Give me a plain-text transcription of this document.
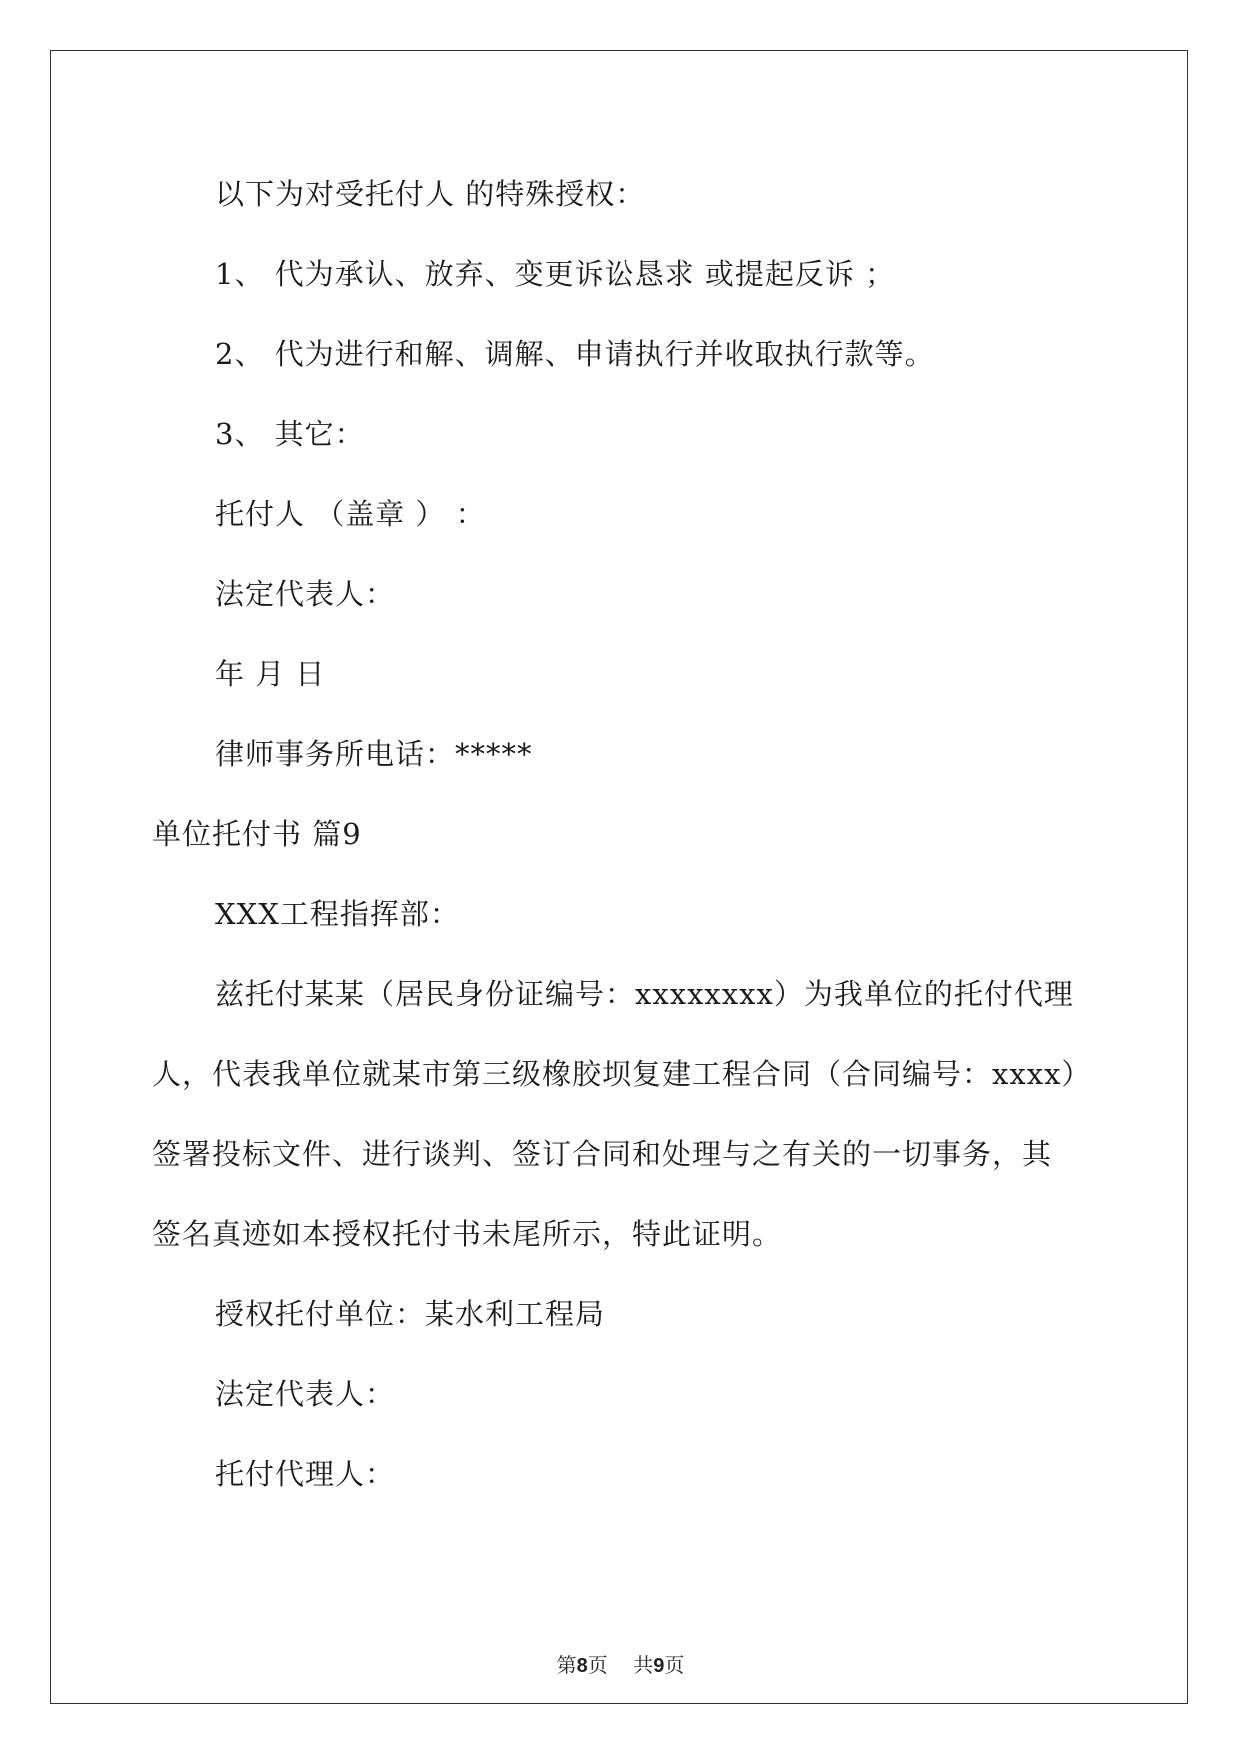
以下为对受托付人 的特殊授权：
1、 代为承认、放弃、变更诉讼恳求 或提起反诉 ；
2、 代为进行和解、调解、申请执行并收取执行款等。
3、 其它：
托付人 （盖章 ） ：
法定代表人：
年 月 日
律师事务所电话：*****
单位托付书 篇9
XXX工程指挥部：
兹托付某某（居民身份证编号：xxxxxxxx）为我单位的托付代理
人，代表我单位就某市第三级橡胶坝复建工程合同（合同编号：xxxx）
签署投标文件、进行谈判、签订合同和处理与之有关的一切事务，其
签名真迹如本授权托付书未尾所示，特此证明。
授权托付单位：某水利工程局
法定代表人：
托付代理人：
第8页 共9页
